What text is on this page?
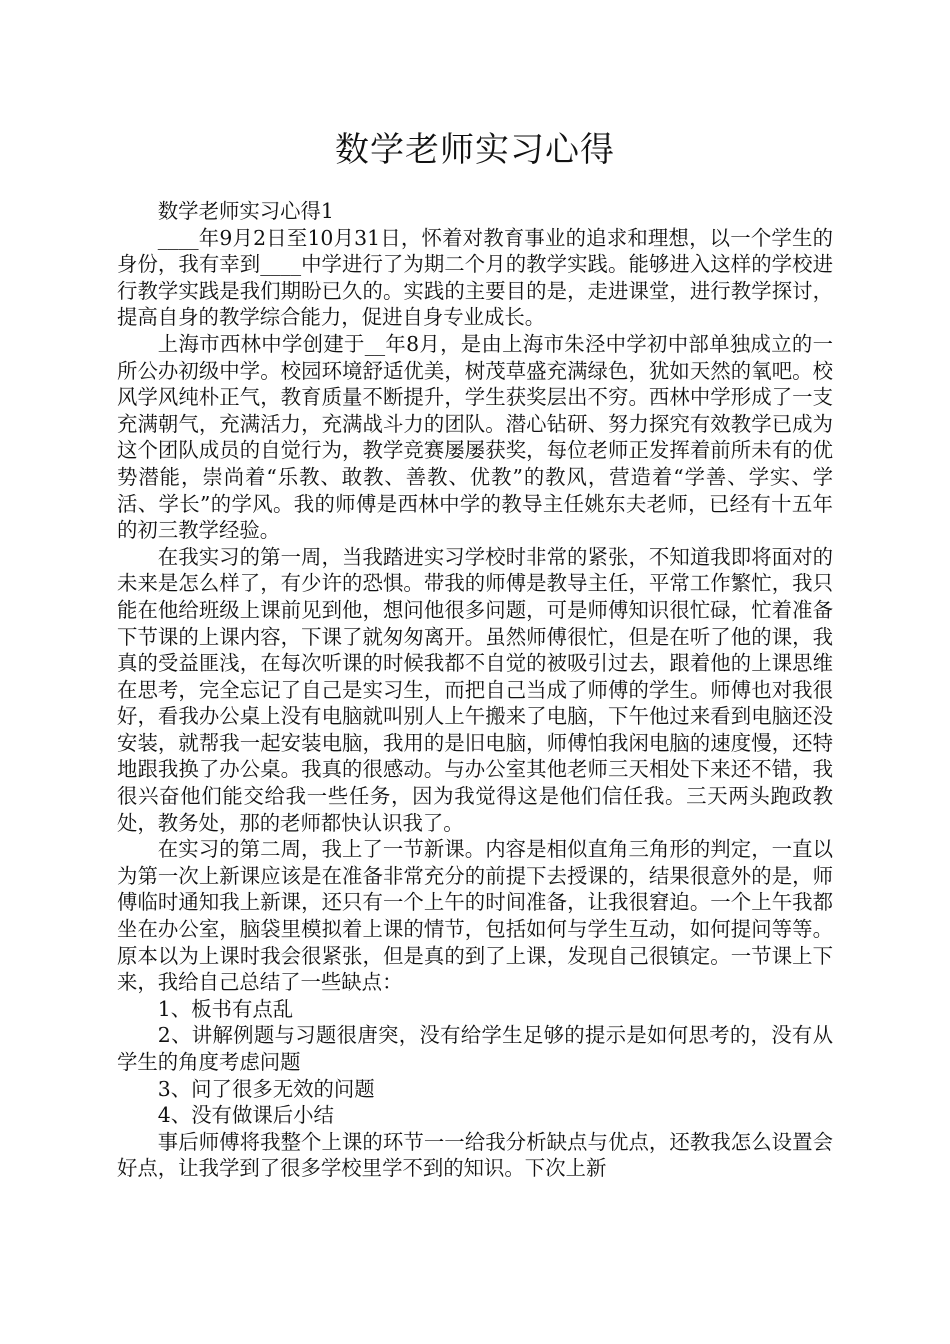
数学老师实习心得

数学老师实习心得1

____年9月2日至10月31日，怀着对教育事业的追求和理想，以一个学生的身份，我有幸到____中学进行了为期二个月的教学实践。能够进入这样的学校进行教学实践是我们期盼已久的。实践的主要目的是，走进课堂，进行教学探讨，提高自身的教学综合能力，促进自身专业成长。

上海市西林中学创建于__年8月，是由上海市朱泾中学初中部单独成立的一所公办初级中学。校园环境舒适优美，树茂草盛充满绿色，犹如天然的氧吧。校风学风纯朴正气，教育质量不断提升，学生获奖层出不穷。西林中学形成了一支充满朝气，充满活力，充满战斗力的团队。潜心钻研、努力探究有效教学已成为这个团队成员的自觉行为，教学竞赛屡屡获奖，每位老师正发挥着前所未有的优势潜能，崇尚着“乐教、敢教、善教、优教”的教风，营造着“学善、学实、学活、学长”的学风。我的师傅是西林中学的教导主任姚东夫老师，已经有十五年的初三教学经验。

在我实习的第一周，当我踏进实习学校时非常的紧张，不知道我即将面对的未来是怎么样了，有少许的恐惧。带我的师傅是教导主任，平常工作繁忙，我只能在他给班级上课前见到他，想问他很多问题，可是师傅知识很忙碌，忙着准备下节课的上课内容，下课了就匆匆离开。虽然师傅很忙，但是在听了他的课，我真的受益匪浅，在每次听课的时候我都不自觉的被吸引过去，跟着他的上课思维在思考，完全忘记了自己是实习生，而把自己当成了师傅的学生。师傅也对我很好，看我办公桌上没有电脑就叫别人上午搬来了电脑，下午他过来看到电脑还没安装，就帮我一起安装电脑，我用的是旧电脑，师傅怕我闲电脑的速度慢，还特地跟我换了办公桌。我真的很感动。与办公室其他老师三天相处下来还不错，我很兴奋他们能交给我一些任务，因为我觉得这是他们信任我。三天两头跑政教处，教务处，那的老师都快认识我了。

在实习的第二周，我上了一节新课。内容是相似直角三角形的判定，一直以为第一次上新课应该是在准备非常充分的前提下去授课的，结果很意外的是，师傅临时通知我上新课，还只有一个上午的时间准备，让我很窘迫。一个上午我都坐在办公室，脑袋里模拟着上课的情节，包括如何与学生互动，如何提问等等。原本以为上课时我会很紧张，但是真的到了上课，发现自己很镇定。一节课上下来，我给自己总结了一些缺点：

1、板书有点乱

2、讲解例题与习题很唐突，没有给学生足够的提示是如何思考的，没有从学生的角度考虑问题

3、问了很多无效的问题

4、没有做课后小结

事后师傅将我整个上课的环节一一给我分析缺点与优点，还教我怎么设置会好点，让我学到了很多学校里学不到的知识。下次上新
